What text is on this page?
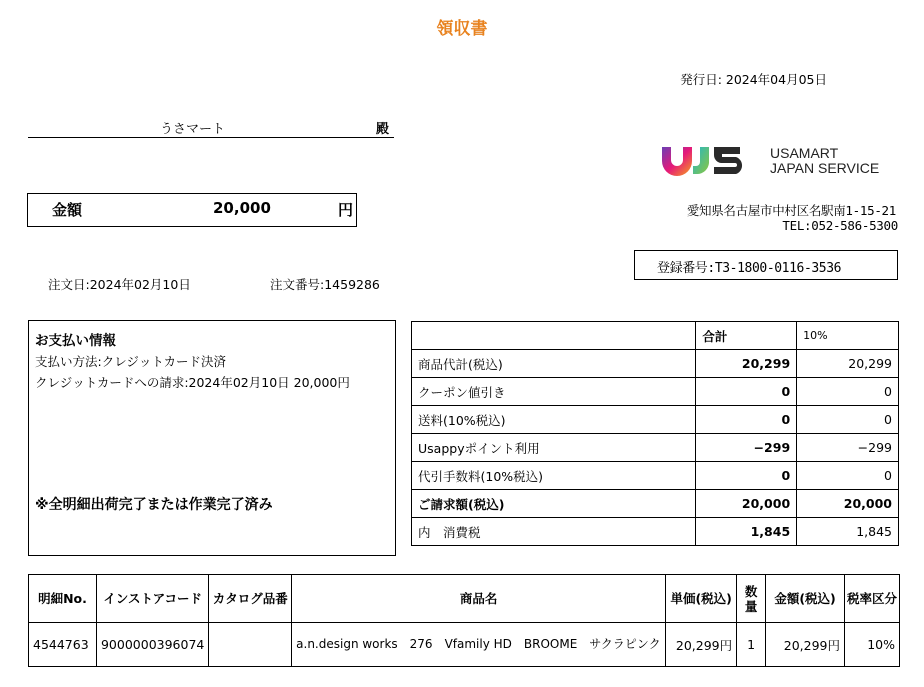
領収書
発行日: 2024年04月05日
うさマート	殿
金額	20,000	円
注文日:2024年02月10日	注文番号:1459286
USAMART
JAPAN SERVICE
愛知県名古屋市中村区名駅南1-15-21
TEL:052-586-5300
登録番号:T3-1800-0116-3536
お支払い情報
支払い方法:クレジットカード決済
クレジットカードへの請求:2024年02月10日 20,000円
※全明細出荷完了または作業完了済み
	合計	10%
商品代計(税込)	20,299	20,299
クーポン値引き	0	0
送料(10%税込)	0	0
Usappyポイント利用	−299	−299
代引手数料(10%税込)	0	0
ご請求額(税込)	20,000	20,000
内　消費税	1,845	1,845
明細No.	インストアコード	カタログ品番	商品名	単価(税込)	数量	金額(税込)	税率区分
4544763	9000000396074		a.n.design works　276　Vfamily HD　BROOME　サクラピンク	20,299円	1	20,299円	10%
